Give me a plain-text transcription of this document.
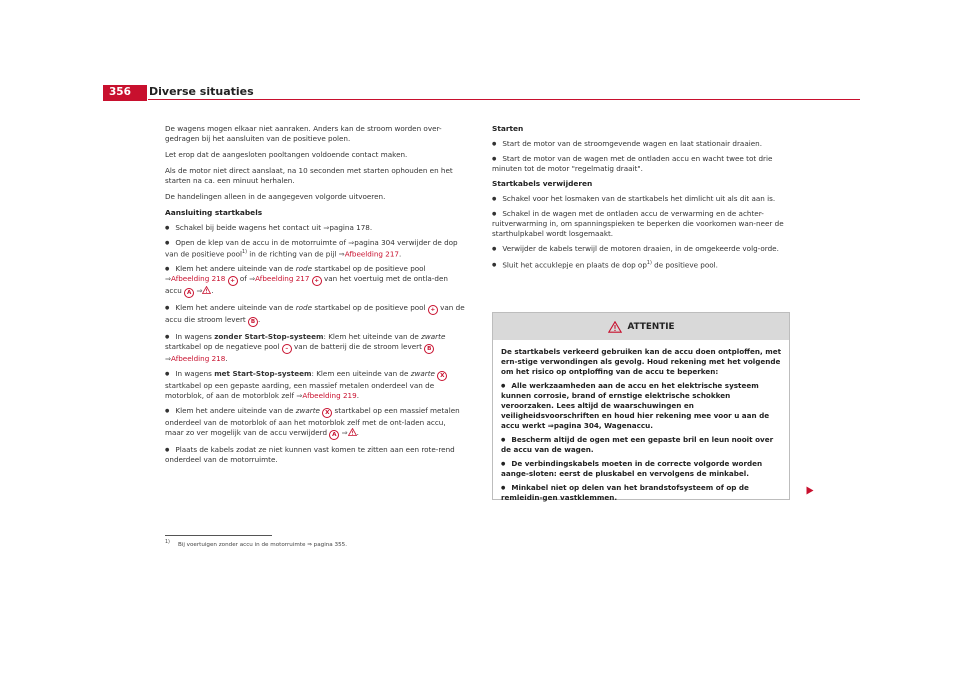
356	Diverse situaties

De wagens mogen elkaar niet aanraken. Anders kan de stroom worden over-gedragen bij het aansluiten van de positieve polen.

Let erop dat de aangesloten pooltangen voldoende contact maken.

Als de motor niet direct aanslaat, na 10 seconden met starten ophouden en het starten na ca. een minuut herhalen.

De handelingen alleen in de aangegeven volgorde uitvoeren.

Aansluiting startkabels
● Schakel bij beide wagens het contact uit ⇒pagina 178.
● Open de klep van de accu in de motorruimte of ⇒pagina 304 verwijder de dop van de positieve pool$^{1)}$ in de richting van de pijl ⇒Afbeelding 217.
● Klem het andere uiteinde van de rode startkabel op de positieve pool ⇒Afbeelding 218 + of ⇒Afbeelding 217 + van het voertuig met de ontla-den accu A ⇒ .
● Klem het andere uiteinde van de rode startkabel op de positieve pool + van de accu die stroom levert B .
● In wagens zonder Start-Stop-systeem: Klem het uiteinde van de zwarte startkabel op de negatieve pool – van de batterij die de stroom levert B ⇒Afbeelding 218.
● In wagens met Start-Stop-systeem: Klem een uiteinde van de zwarte X startkabel op een gepaste aarding, een massief metalen onderdeel van de motorblok, of aan de motorblok zelf ⇒Afbeelding 219.
● Klem het andere uiteinde van de zwarte X startkabel op een massief metalen onderdeel van de motorblok of aan het motorblok zelf met de ont-laden accu, maar zo ver mogelijk van de accu verwijderd A ⇒ .
● Plaats de kabels zodat ze niet kunnen vast komen te zitten aan een rote-rend onderdeel van de motorruimte.
Starten
● Start de motor van de stroomgevende wagen en laat stationair draaien.
● Start de motor van de wagen met de ontladen accu en wacht twee tot drie minuten tot de motor "regelmatig draait".
Startkabels verwijderen
● Schakel voor het losmaken van de startkabels het dimlicht uit als dit aan is.
● Schakel in de wagen met de ontladen accu de verwarming en de achter-ruitverwarming in, om spanningspieken te beperken die voorkomen wan-neer de starthulpkabel wordt losgemaakt.
● Verwijder de kabels terwijl de motoren draaien, in de omgekeerde volg-orde.
● Sluit het accuklepje en plaats de dop $op^{1)}$ de positieve pool.
ATTENTIE

De startkabels verkeerd gebruiken kan de accu doen ontploffen, met ern-stige verwondingen als gevolg. Houd rekening met het volgende om het risico op ontploffing van de accu te beperken:

● Alle werkzaamheden aan de accu en het elektrische systeem kunnen corrosie, brand of ernstige elektrische schokken veroorzaken. Lees altijd de waarschuwingen en veiligheidsvoorschriften en houd hier rekening mee voor u aan de accu werkt ⇒pagina 304, Wagenaccu.

● Bescherm altijd de ogen met een gepaste bril en leun nooit over de accu van de wagen.

● De verbindingskabels moeten in de correcte volgorde worden aange-sloten: eerst de pluskabel en vervolgens de minkabel.

● Minkabel niet op delen van het brandstofsysteem of op de remleidin-gen vastklemmen.

$^{1)}$ Bij voertuigen zonder accu in de motorruimte ⇒ pagina 355.
